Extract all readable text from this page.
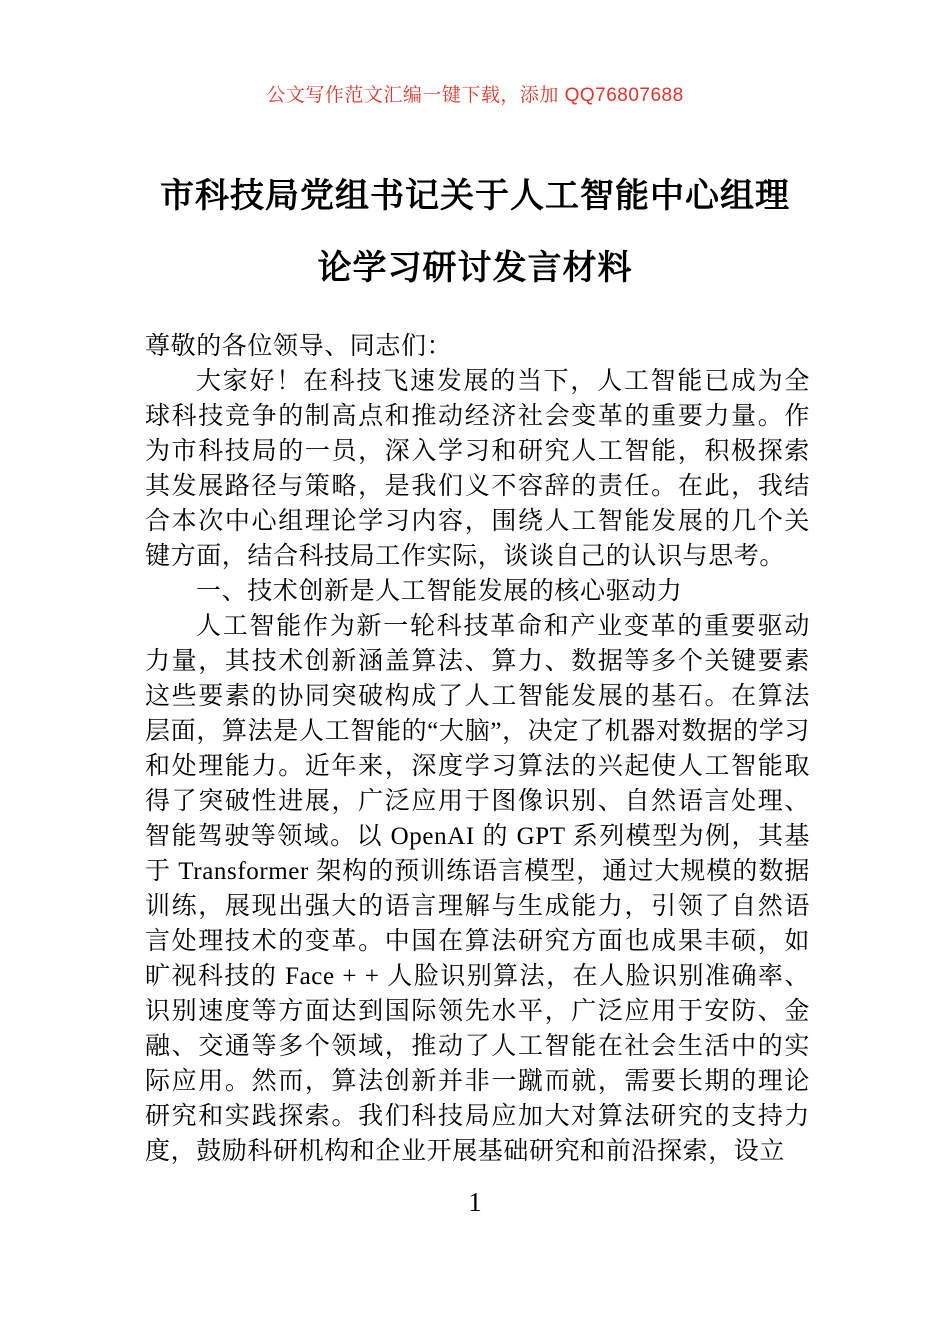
公文写作范文汇编一键下载，添加 QQ76807688
市科技局党组书记关于人工智能中心组理
论学习研讨发言材料

尊敬的各位领导、同志们：

大家好！在科技飞速发展的当下，人工智能已成为全球科技竞争的制高点和推动经济社会变革的重要力量。作为市科技局的一员，深入学习和研究人工智能，积极探索其发展路径与策略，是我们义不容辞的责任。在此，我结合本次中心组理论学习内容，围绕人工智能发展的几个关键方面，结合科技局工作实际，谈谈自己的认识与思考。

一、技术创新是人工智能发展的核心驱动力

人工智能作为新一轮科技革命和产业变革的重要驱动力量，其技术创新涵盖算法、算力、数据等多个关键要素这些要素的协同突破构成了人工智能发展的基石。在算法层面，算法是人工智能的“大脑”，决定了机器对数据的学习和处理能力。近年来，深度学习算法的兴起使人工智能取得了突破性进展，广泛应用于图像识别、自然语言处理、智能驾驶等领域。以 OpenAI 的 GPT 系列模型为例，其基于 Transformer 架构的预训练语言模型，通过大规模的数据训练，展现出强大的语言理解与生成能力，引领了自然语言处理技术的变革。中国在算法研究方面也成果丰硕，如旷视科技的 Face + + 人脸识别算法，在人脸识别准确率、识别速度等方面达到国际领先水平，广泛应用于安防、金融、交通等多个领域，推动了人工智能在社会生活中的实际应用。然而，算法创新并非一蹴而就，需要长期的理论研究和实践探索。我们科技局应加大对算法研究的支持力度，鼓励科研机构和企业开展基础研究和前沿探索，设立

1
